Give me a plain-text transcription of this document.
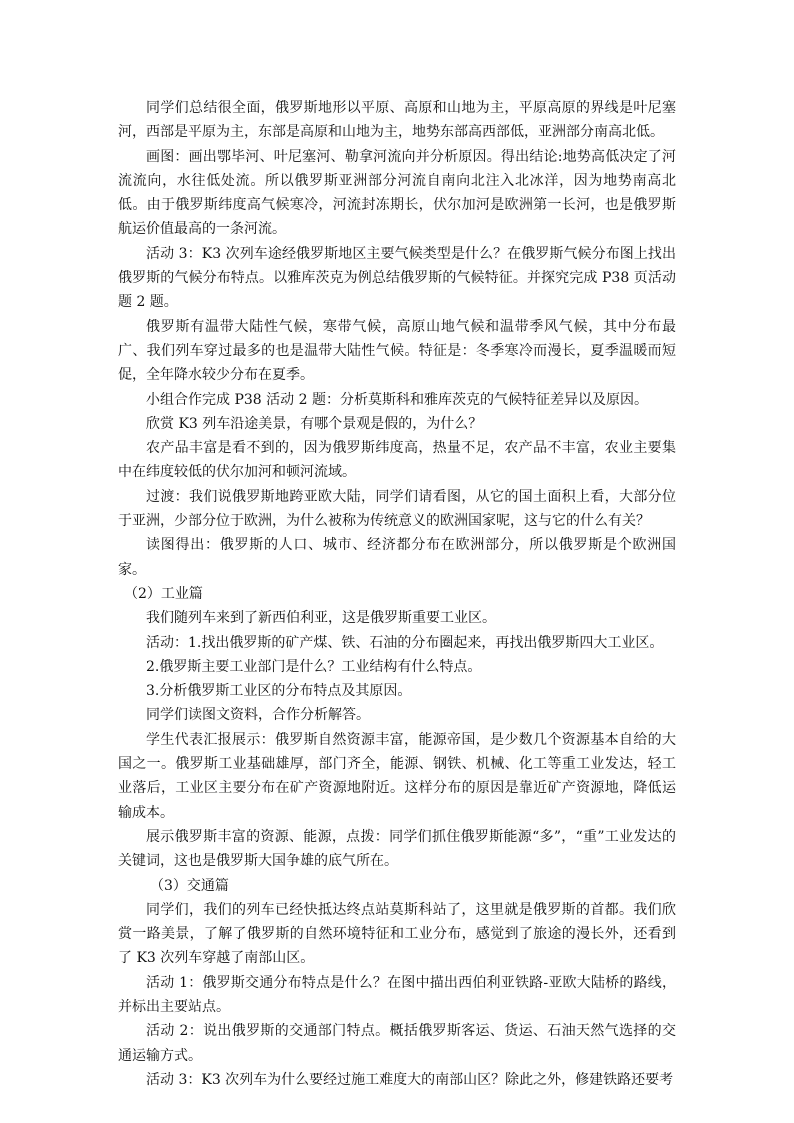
同学们总结很全面，俄罗斯地形以平原、高原和山地为主，平原高原的界线是叶尼塞河，西部是平原为主，东部是高原和山地为主，地势东部高西部低，亚洲部分南高北低。

画图：画出鄂毕河、叶尼塞河、勒拿河流向并分析原因。得出结论:地势高低决定了河流流向，水往低处流。所以俄罗斯亚洲部分河流自南向北注入北冰洋，因为地势南高北低。由于俄罗斯纬度高气候寒冷，河流封冻期长，伏尔加河是欧洲第一长河，也是俄罗斯航运价值最高的一条河流。

活动 3：K3 次列车途经俄罗斯地区主要气候类型是什么？在俄罗斯气候分布图上找出俄罗斯的气候分布特点。以雅库茨克为例总结俄罗斯的气候特征。并探究完成 P38 页活动题 2 题。

俄罗斯有温带大陆性气候，寒带气候，高原山地气候和温带季风气候，其中分布最广、我们列车穿过最多的也是温带大陆性气候。特征是：冬季寒冷而漫长，夏季温暖而短促，全年降水较少分布在夏季。

小组合作完成 P38 活动 2 题：分析莫斯科和雅库茨克的气候特征差异以及原因。

欣赏 K3 列车沿途美景，有哪个景观是假的，为什么？

农产品丰富是看不到的，因为俄罗斯纬度高，热量不足，农产品不丰富，农业主要集中在纬度较低的伏尔加河和顿河流域。

过渡：我们说俄罗斯地跨亚欧大陆，同学们请看图，从它的国土面积上看，大部分位于亚洲，少部分位于欧洲，为什么被称为传统意义的欧洲国家呢，这与它的什么有关？

读图得出：俄罗斯的人口、城市、经济都分布在欧洲部分，所以俄罗斯是个欧洲国家。

（2）工业篇

我们随列车来到了新西伯利亚，这是俄罗斯重要工业区。

活动：1.找出俄罗斯的矿产煤、铁、石油的分布圈起来，再找出俄罗斯四大工业区。

2.俄罗斯主要工业部门是什么？工业结构有什么特点。

3.分析俄罗斯工业区的分布特点及其原因。

同学们读图文资料，合作分析解答。

学生代表汇报展示：俄罗斯自然资源丰富，能源帝国，是少数几个资源基本自给的大国之一。俄罗斯工业基础雄厚，部门齐全，能源、钢铁、机械、化工等重工业发达，轻工业落后，工业区主要分布在矿产资源地附近。这样分布的原因是靠近矿产资源地，降低运输成本。

展示俄罗斯丰富的资源、能源，点拨：同学们抓住俄罗斯能源“多”，“重”工业发达的关键词，这也是俄罗斯大国争雄的底气所在。

（3）交通篇

同学们，我们的列车已经快抵达终点站莫斯科站了，这里就是俄罗斯的首都。我们欣赏一路美景，了解了俄罗斯的自然环境特征和工业分布，感觉到了旅途的漫长外，还看到了 K3 次列车穿越了南部山区。

活动 1：俄罗斯交通分布特点是什么？在图中描出西伯利亚铁路-亚欧大陆桥的路线，并标出主要站点。

活动 2：说出俄罗斯的交通部门特点。概括俄罗斯客运、货运、石油天然气选择的交通运输方式。

活动 3：K3 次列车为什么要经过施工难度大的南部山区？除此之外，修建铁路还要考
